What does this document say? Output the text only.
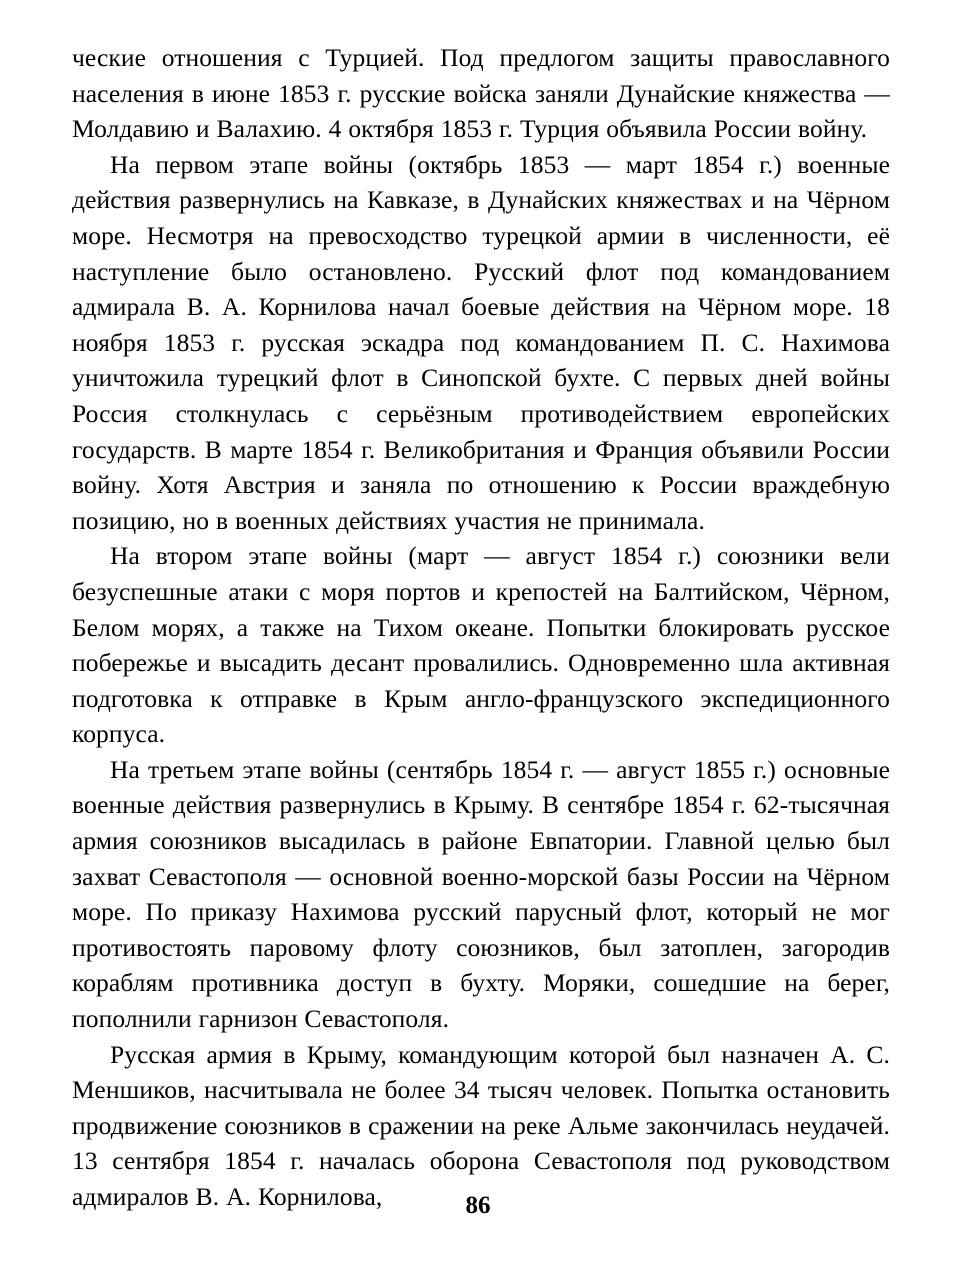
ческие отношения с Турцией. Под предлогом защиты православного населения в июне 1853 г. русские войска заняли Дунайские княжества — Молдавию и Валахию. 4 октября 1853 г. Турция объявила России войну.

На первом этапе войны (октябрь 1853 — март 1854 г.) военные действия развернулись на Кавказе, в Дунайских княжествах и на Чёрном море. Несмотря на превосходство турецкой армии в численности, её наступление было остановлено. Русский флот под командованием адмирала В. А. Корнилова начал боевые действия на Чёрном море. 18 ноября 1853 г. русская эскадра под командованием П. С. Нахимова уничтожила турецкий флот в Синопской бухте. С первых дней войны Россия столкнулась с серьёзным противодействием европейских государств. В марте 1854 г. Великобритания и Франция объявили России войну. Хотя Австрия и заняла по отношению к России враждебную позицию, но в военных действиях участия не принимала.

На втором этапе войны (март — август 1854 г.) союзники вели безуспешные атаки с моря портов и крепостей на Балтийском, Чёрном, Белом морях, а также на Тихом океане. Попытки блокировать русское побережье и высадить десант провалились. Одновременно шла активная подготовка к отправке в Крым англо-французского экспедиционного корпуса.

На третьем этапе войны (сентябрь 1854 г. — август 1855 г.) основные военные действия развернулись в Крыму. В сентябре 1854 г. 62-тысячная армия союзников высадилась в районе Евпатории. Главной целью был захват Севастополя — основной военно-морской базы России на Чёрном море. По приказу Нахимова русский парусный флот, который не мог противостоять паровому флоту союзников, был затоплен, загородив кораблям противника доступ в бухту. Моряки, сошедшие на берег, пополнили гарнизон Севастополя.

Русская армия в Крыму, командующим которой был назначен А. С. Меншиков, насчитывала не более 34 тысяч человек. Попытка остановить продвижение союзников в сражении на реке Альме закончилась неудачей. 13 сентября 1854 г. началась оборона Севастополя под руководством адмиралов В. А. Корнилова,	86
